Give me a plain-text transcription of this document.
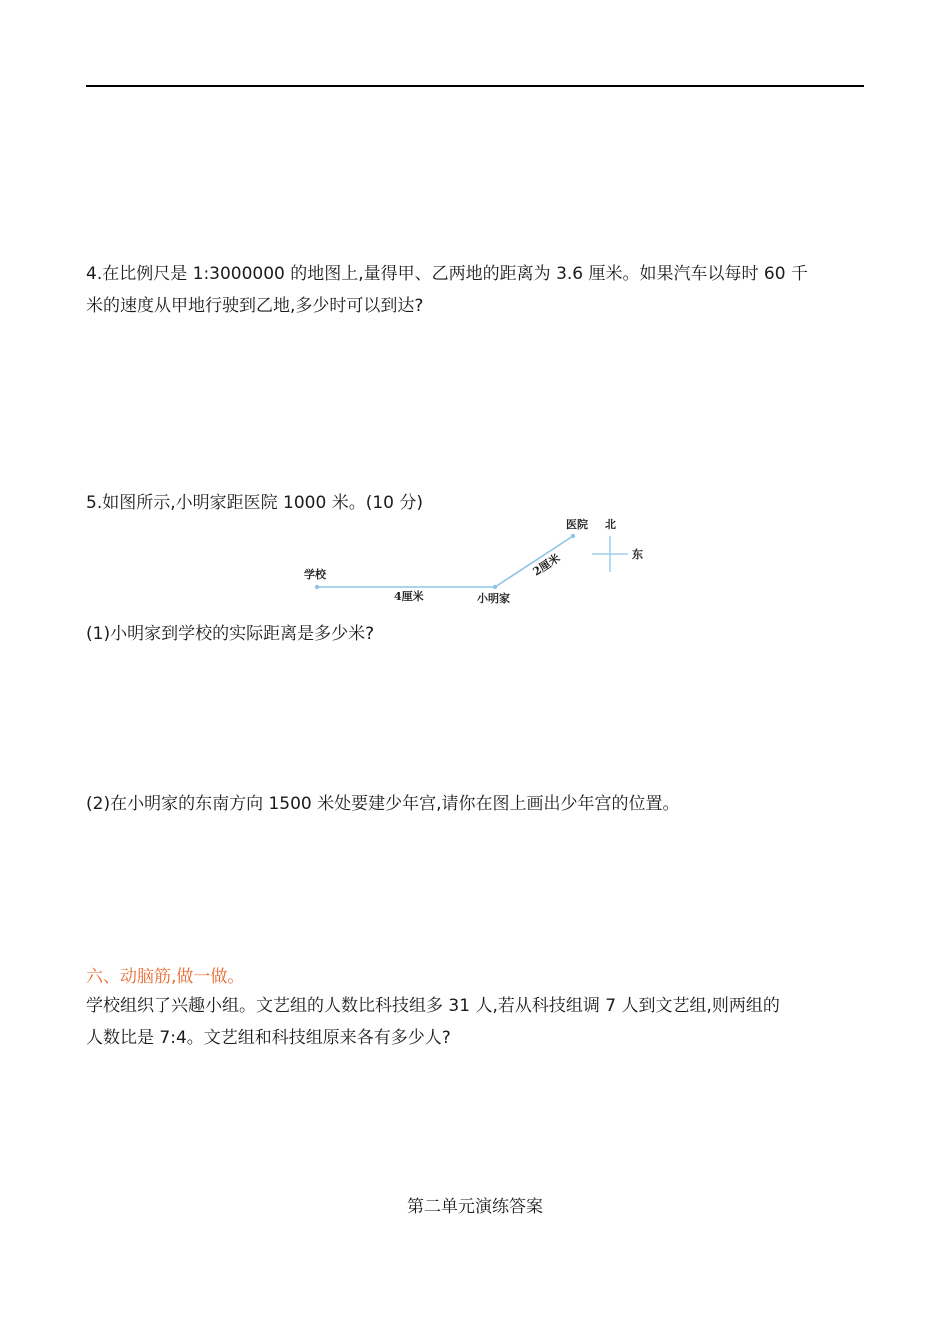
4.在比例尺是 1:3000000 的地图上,量得甲、乙两地的距离为 3.6 厘米。如果汽车以每时 60 千
米的速度从甲地行驶到乙地,多少时可以到达?

5.如图所示,小明家距医院 1000 米。(10 分)

学校
小明家
医院
4厘米
2厘米
北
东

(1)小明家到学校的实际距离是多少米?

(2)在小明家的东南方向 1500 米处要建少年宫,请你在图上画出少年宫的位置。

六、动脑筋,做一做。

学校组织了兴趣小组。文艺组的人数比科技组多 31 人,若从科技组调 7 人到文艺组,则两组的
人数比是 7:4。文艺组和科技组原来各有多少人?

第二单元演练答案
